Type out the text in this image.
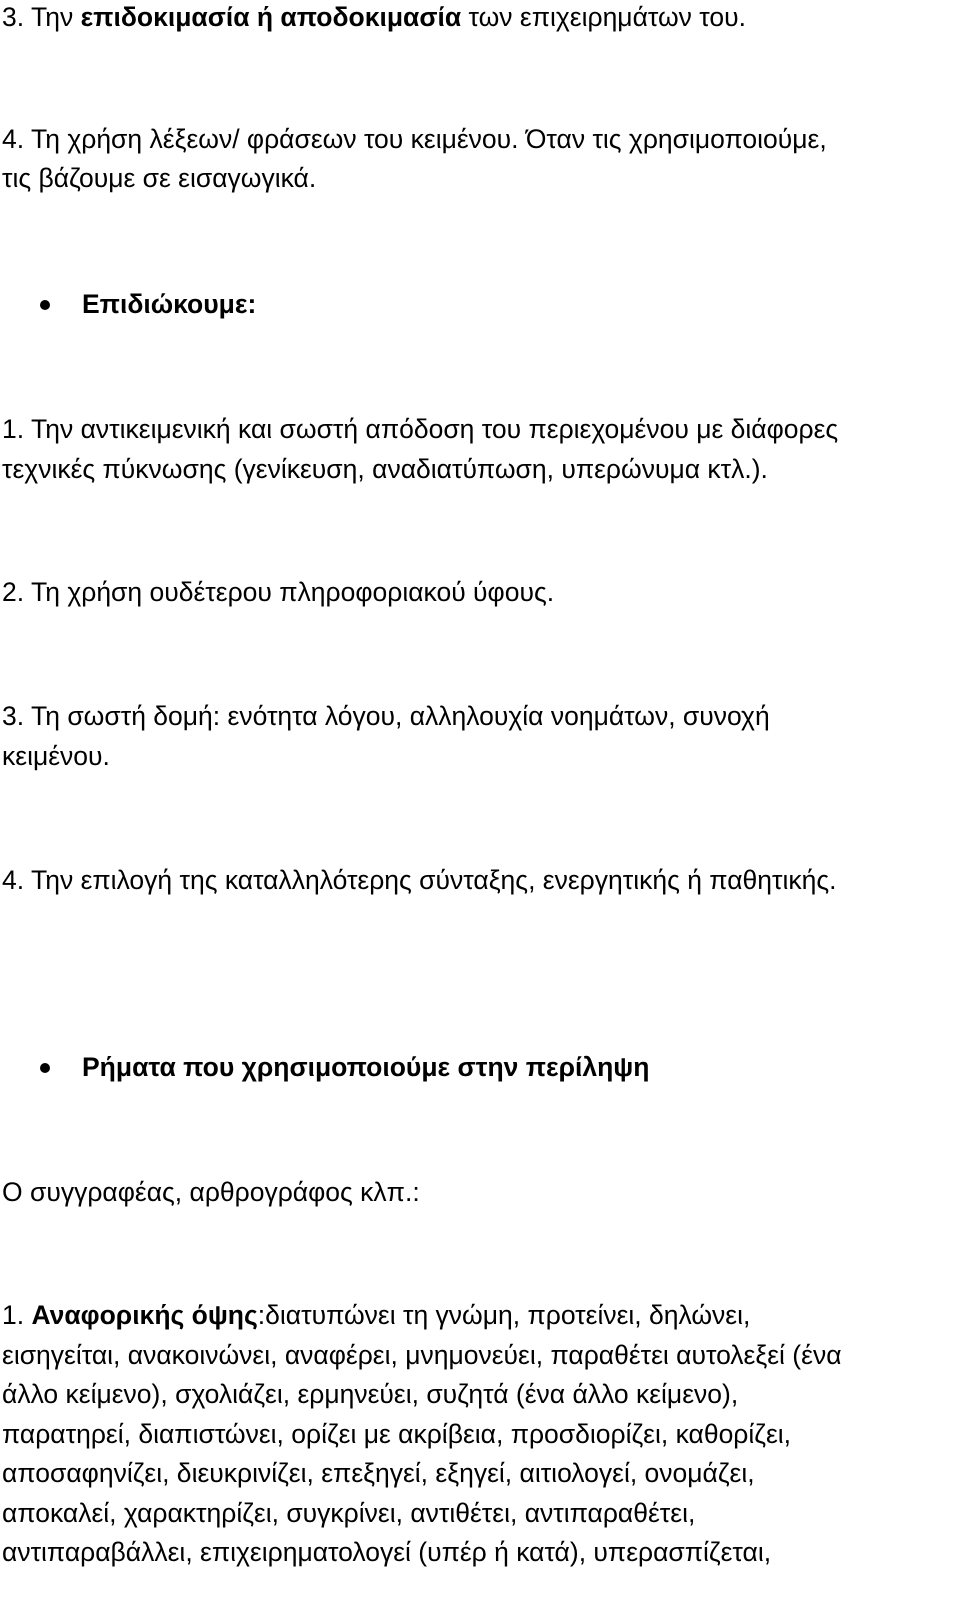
3. Την επιδοκιμασία ή αποδοκιμασία των επιχειρημάτων του.
4. Τη χρήση λέξεων/ φράσεων του κειμένου. Όταν τις χρησιμοποιούμε,
τις βάζουμε σε εισαγωγικά.
Επιδιώκουμε:
1. Την αντικειμενική και σωστή απόδοση του περιεχομένου με διάφορες
τεχνικές πύκνωσης (γενίκευση, αναδιατύπωση, υπερώνυμα κτλ.).
2. Τη χρήση ουδέτερου πληροφοριακού ύφους.
3. Τη σωστή δομή: ενότητα λόγου, αλληλουχία νοημάτων, συνοχή
κειμένου.
4. Την επιλογή της καταλληλότερης σύνταξης, ενεργητικής ή παθητικής.
Ρήματα που χρησιμοποιούμε στην περίληψη
Ο συγγραφέας, αρθρογράφος κλπ.:
1. Αναφορικής όψης:διατυπώνει τη γνώμη, προτείνει, δηλώνει,
εισηγείται, ανακοινώνει, αναφέρει, μνημονεύει, παραθέτει αυτολεξεί (ένα
άλλο κείμενο), σχολιάζει, ερμηνεύει, συζητά (ένα άλλο κείμενο),
παρατηρεί, διαπιστώνει, ορίζει με ακρίβεια, προσδιορίζει, καθορίζει,
αποσαφηνίζει, διευκρινίζει, επεξηγεί, εξηγεί, αιτιολογεί, ονομάζει,
αποκαλεί, χαρακτηρίζει, συγκρίνει, αντιθέτει, αντιπαραθέτει,
αντιπαραβάλλει, επιχειρηματολογεί (υπέρ ή κατά), υπερασπίζεται,
